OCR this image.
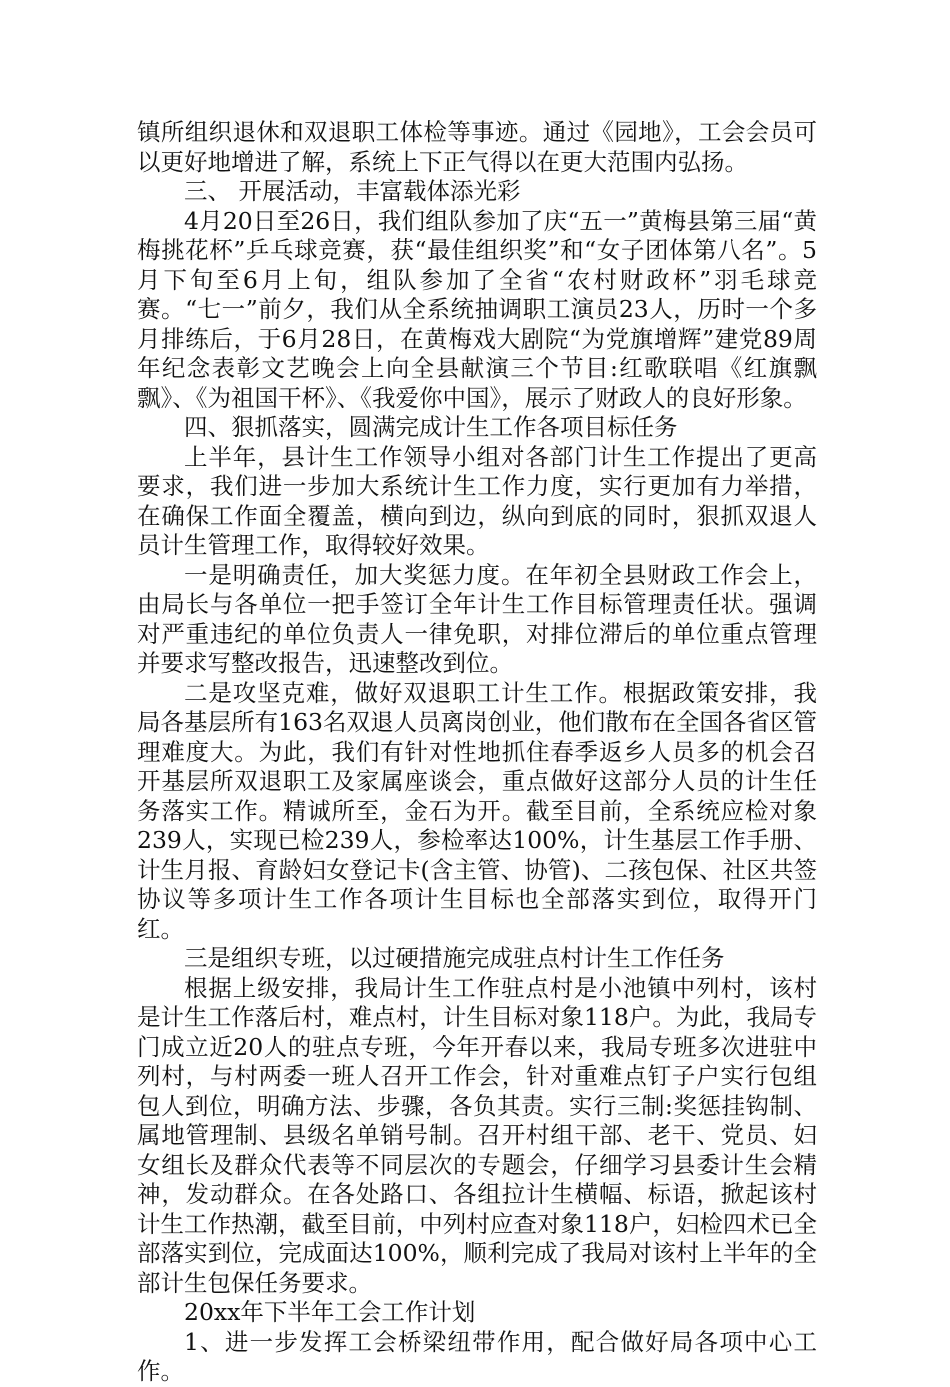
镇所组织退休和双退职工体检等事迹。通过《园地》，工会会员可以更好地增进了解，系统上下正气得以在更大范围内弘扬。

三、 开展活动，丰富载体添光彩

4月20日至26日，我们组队参加了庆“五一”黄梅县第三届“黄梅挑花杯”乒乓球竞赛，获“最佳组织奖”和“女子团体第八名”。5月下旬至6月上旬，组队参加了全省“农村财政杯”羽毛球竞赛。“七一”前夕，我们从全系统抽调职工演员23人，历时一个多月排练后，于6月28日，在黄梅戏大剧院“为党旗增辉”建党89周年纪念表彰文艺晚会上向全县献演三个节目:红歌联唱《红旗飘飘》、《为祖国干杯》、《我爱你中国》，展示了财政人的良好形象。

四、狠抓落实，圆满完成计生工作各项目标任务

上半年，县计生工作领导小组对各部门计生工作提出了更高要求，我们进一步加大系统计生工作力度，实行更加有力举措，在确保工作面全覆盖，横向到边，纵向到底的同时，狠抓双退人员计生管理工作，取得较好效果。

一是明确责任，加大奖惩力度。在年初全县财政工作会上，由局长与各单位一把手签订全年计生工作目标管理责任状。强调对严重违纪的单位负责人一律免职，对排位滞后的单位重点管理并要求写整改报告，迅速整改到位。

二是攻坚克难，做好双退职工计生工作。根据政策安排，我局各基层所有163名双退人员离岗创业，他们散布在全国各省区管理难度大。为此，我们有针对性地抓住春季返乡人员多的机会召开基层所双退职工及家属座谈会，重点做好这部分人员的计生任务落实工作。精诚所至，金石为开。截至目前，全系统应检对象239人，实现已检239人，参检率达100%，计生基层工作手册、计生月报、育龄妇女登记卡(含主管、协管)、二孩包保、社区共签协议等多项计生工作各项计生目标也全部落实到位，取得开门红。

三是组织专班，以过硬措施完成驻点村计生工作任务

根据上级安排，我局计生工作驻点村是小池镇中列村，该村是计生工作落后村，难点村，计生目标对象118户。为此，我局专门成立近20人的驻点专班，今年开春以来，我局专班多次进驻中列村，与村两委一班人召开工作会，针对重难点钉子户实行包组包人到位，明确方法、步骤，各负其责。实行三制:奖惩挂钩制、属地管理制、县级名单销号制。召开村组干部、老干、党员、妇女组长及群众代表等不同层次的专题会，仔细学习县委计生会精神，发动群众。在各处路口、各组拉计生横幅、标语，掀起该村计生工作热潮，截至目前，中列村应查对象118户，妇检四术已全部落实到位，完成面达100%，顺利完成了我局对该村上半年的全部计生包保任务要求。

20xx年下半年工会工作计划

1、进一步发挥工会桥梁纽带作用，配合做好局各项中心工作。
